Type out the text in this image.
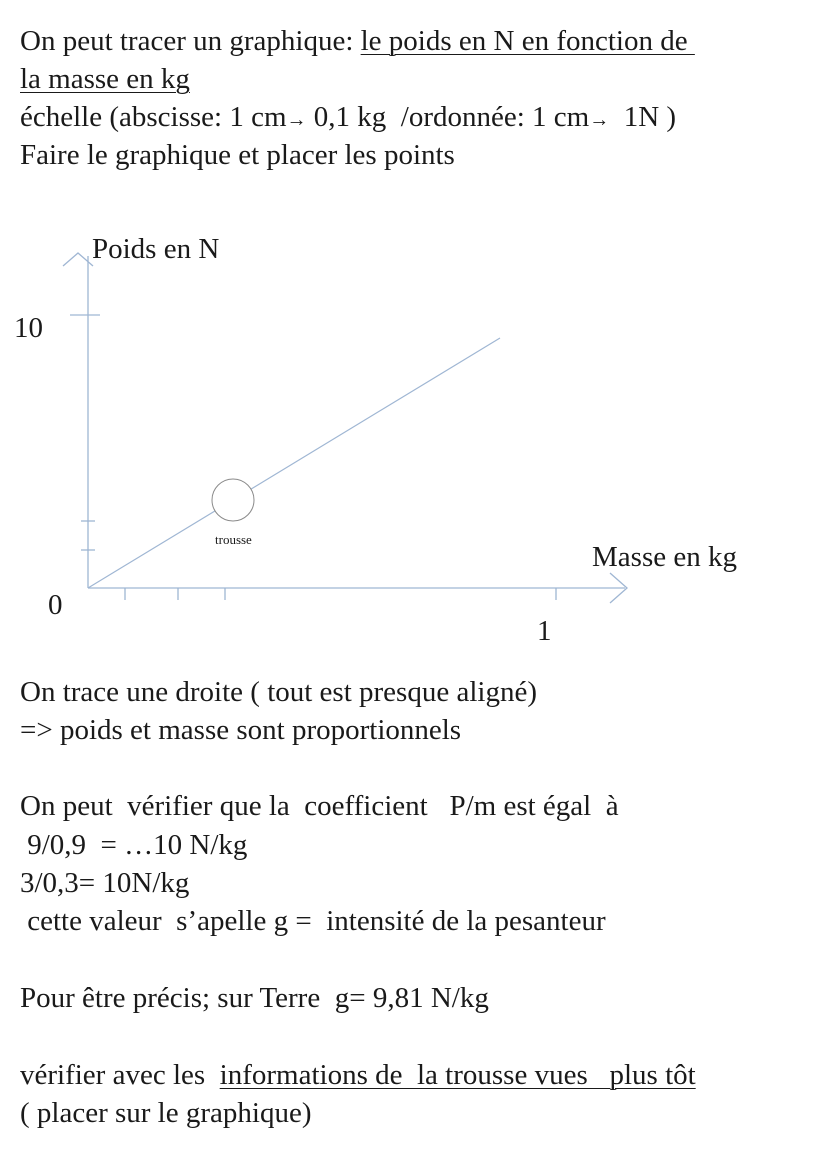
On peut tracer un graphique: le poids en N en fonction de

la masse en kg

échelle (abscisse: 1 cm→ 0,1 kg  /ordonnée: 1 cm→  1N )

Faire le graphique et placer les points

Poids en N
10
0
1
Masse en kg
trousse

On trace une droite ( tout est presque aligné)

=> poids et masse sont proportionnels

On peut  vérifier que la  coefficient   P/m est égal  à

9/0,9  = …10 N/kg

3/0,3= 10N/kg

cette valeur  s’apelle g =  intensité de la pesanteur

Pour être précis; sur Terre  g= 9,81 N/kg

vérifier avec les  informations de  la trousse vues   plus tôt

( placer sur le graphique)
